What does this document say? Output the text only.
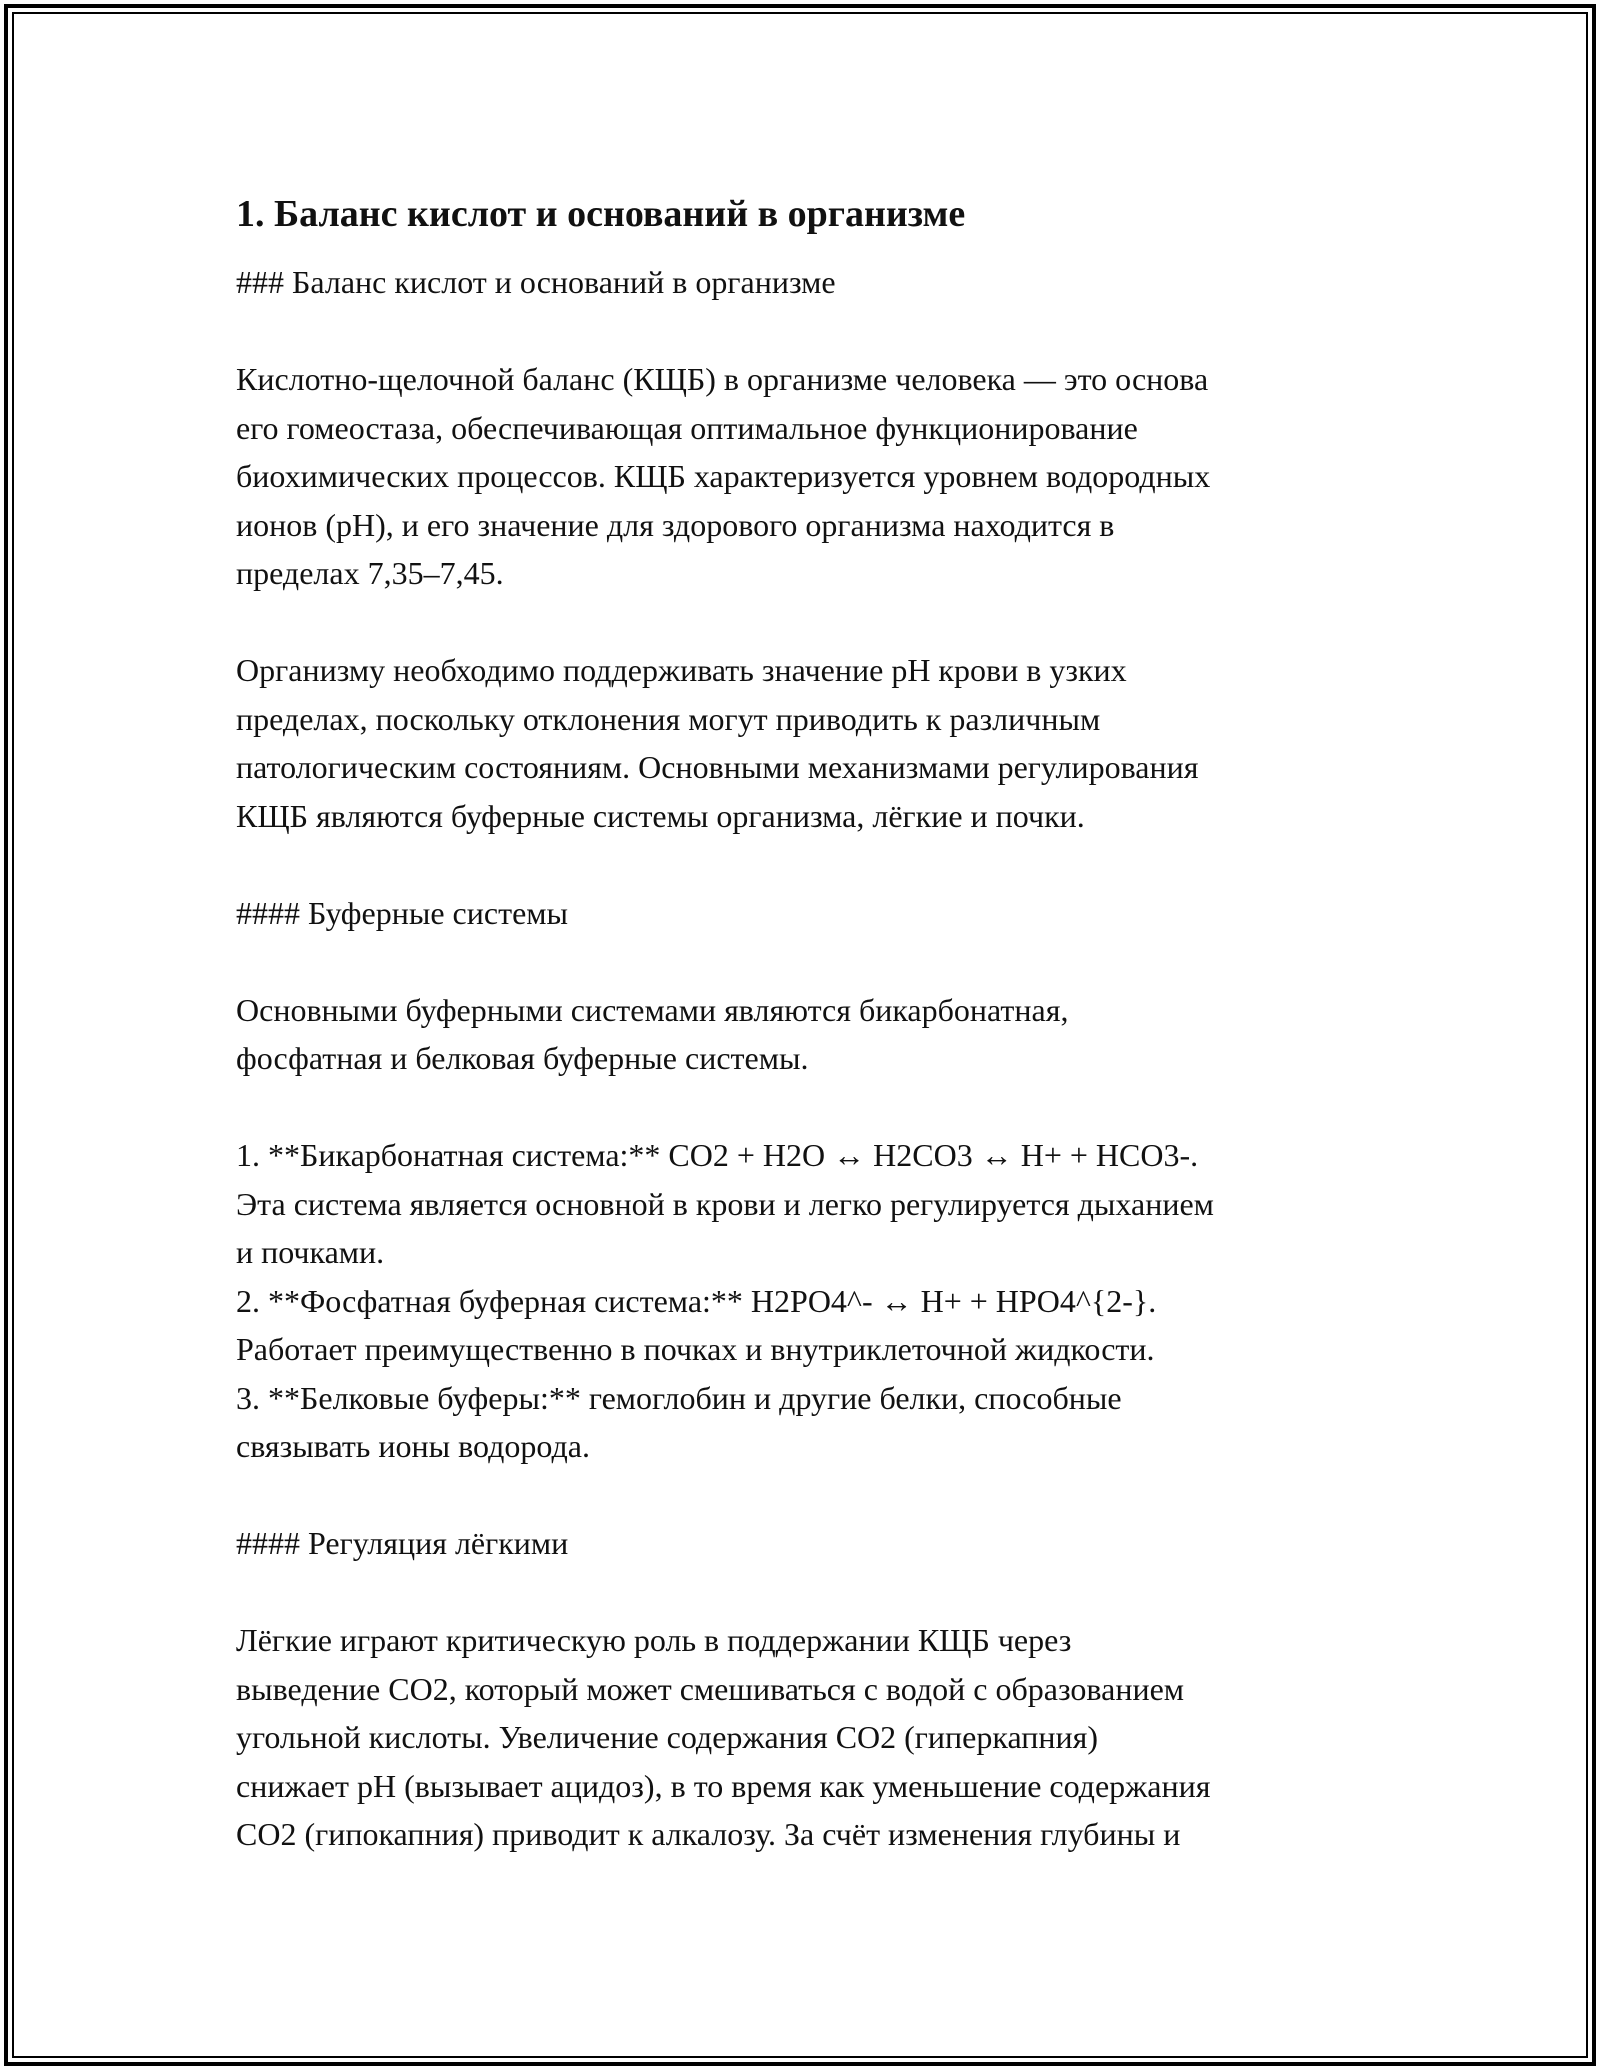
1. Баланс кислот и оснований в организме
### Баланс кислот и оснований в организме
Кислотно-щелочной баланс (КЩБ) в организме человека — это основа
его гомеостаза, обеспечивающая оптимальное функционирование
биохимических процессов. КЩБ характеризуется уровнем водородных
ионов (pH), и его значение для здорового организма находится в
пределах 7,35–7,45.
Организму необходимо поддерживать значение pH крови в узких
пределах, поскольку отклонения могут приводить к различным
патологическим состояниям. Основными механизмами регулирования
КЩБ являются буферные системы организма, лёгкие и почки.
#### Буферные системы
Основными буферными системами являются бикарбонатная,
фосфатная и белковая буферные системы.
1. **Бикарбонатная система:** CO2 + H2O ↔ H2CO3 ↔ H+ + HCO3-.
Эта система является основной в крови и легко регулируется дыханием
и почками.
2. **Фосфатная буферная система:** H2PO4^- ↔ H+ + HPO4^{2-}.
Работает преимущественно в почках и внутриклеточной жидкости.
3. **Белковые буферы:** гемоглобин и другие белки, способные
связывать ионы водорода.
#### Регуляция лёгкими
Лёгкие играют критическую роль в поддержании КЩБ через
выведение CO2, который может смешиваться с водой с образованием
угольной кислоты. Увеличение содержания CO2 (гиперкапния)
снижает pH (вызывает ацидоз), в то время как уменьшение содержания
CO2 (гипокапния) приводит к алкалозу. За счёт изменения глубины и
